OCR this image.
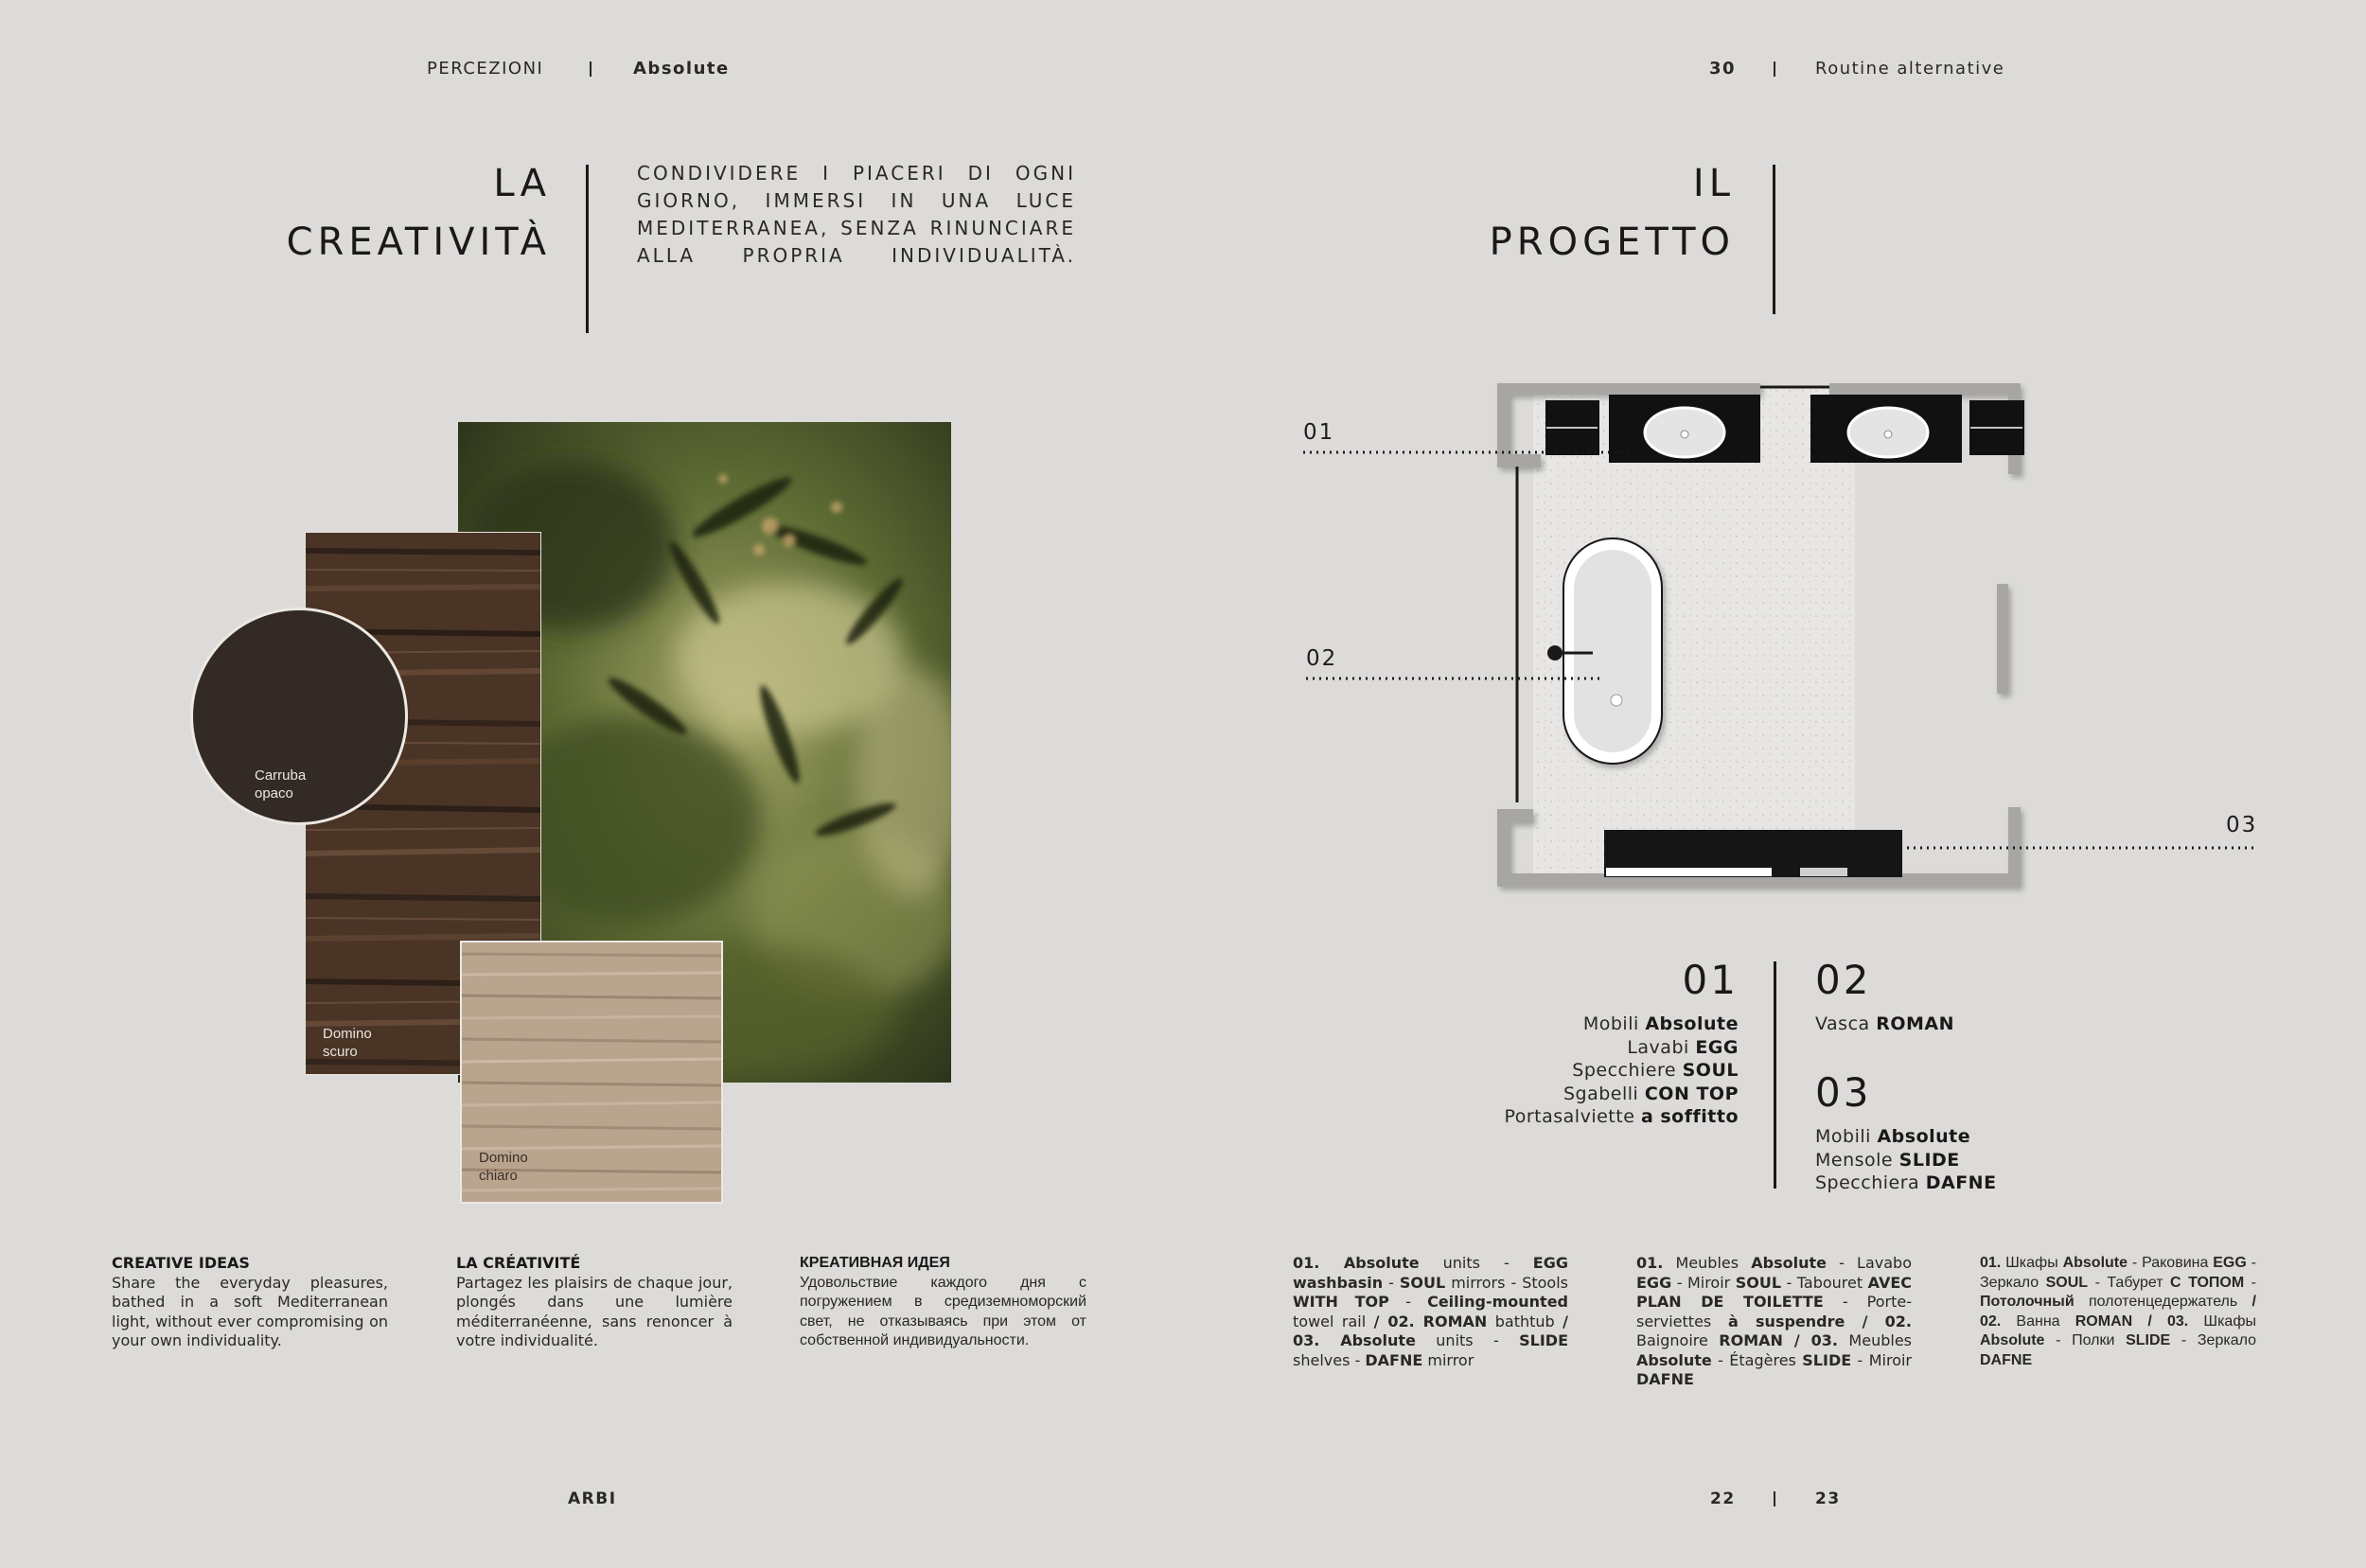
PERCEZIONI	Absolute
LA
CREATIVITÀ
CONDIVIDERE I PIACERI DI OGNI GIORNO, IMMERSI IN UNA LUCE MEDITERRANEA, SENZA RINUNCIARE ALLA PROPRIA INDIVIDUALITÀ.
Domino
scuro
Carruba
opaco
Domino
chiaro
CREATIVE IDEAS
Share the everyday pleasures, bathed in a soft Mediterranean light, without ever compromising on your own individuality.
LA CRÉATIVITÉ
Partagez les plaisirs de chaque jour, plongés dans une lumière méditerranéenne, sans renoncer à votre individualité.
КРЕАТИВНАЯ ИДЕЯ
Удовольствие каждого дня с погружением в средиземноморский свет, не отказываясь при этом от собственной индивидуальности.
ARBI
30	Routine alternative
IL
PROGETTO
01
02
03
01
Mobili Absolute
Lavabi EGG
Specchiere SOUL
Sgabelli CON TOP
Portasalviette a soffitto
02
Vasca ROMAN
03
Mobili Absolute
Mensole SLIDE
Specchiera DAFNE
01. Absolute units - EGG washbasin - SOUL mirrors - Stools WITH TOP - Ceiling-mounted towel rail / 02. ROMAN bathtub / 03. Absolute units - SLIDE shelves - DAFNE mirror
01. Meubles Absolute - Lavabo EGG - Miroir SOUL - Tabouret AVEC PLAN DE TOILETTE - Porte-serviettes à suspendre / 02. Baignoire ROMAN / 03. Meubles Absolute - Étagères SLIDE - Miroir DAFNE
01. Шкафы Absolute - Раковина EGG - Зеркало SOUL - Табурет С ТОПОМ - Потолочный полотенцедержатель / 02. Ванна ROMAN / 03. Шкафы Absolute - Полки SLIDE - Зеркало DAFNE
22	23
